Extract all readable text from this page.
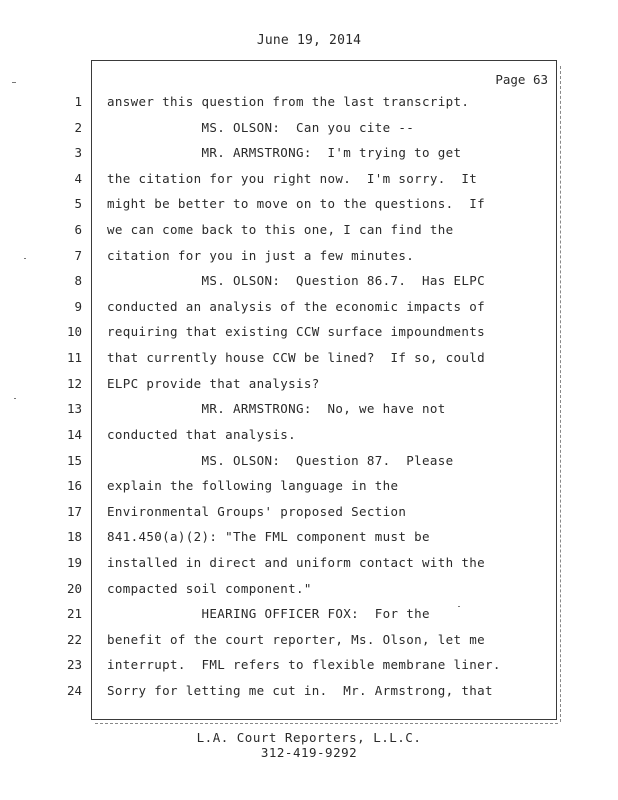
June 19, 2014
Page 63
1 answer this question from the last transcript.
2 MS. OLSON:  Can you cite --
3 MR. ARMSTRONG:  I'm trying to get
4 the citation for you right now.  I'm sorry.  It
5 might be better to move on to the questions.  If
6 we can come back to this one, I can find the
7 citation for you in just a few minutes.
8 MS. OLSON:  Question 86.7.  Has ELPC
9 conducted an analysis of the economic impacts of
10 requiring that existing CCW surface impoundments
11 that currently house CCW be lined?  If so, could
12 ELPC provide that analysis?
13 MR. ARMSTRONG:  No, we have not
14 conducted that analysis.
15 MS. OLSON:  Question 87.  Please
16 explain the following language in the
17 Environmental Groups' proposed Section
18 841.450(a)(2): "The FML component must be
19 installed in direct and uniform contact with the
20 compacted soil component."
21 HEARING OFFICER FOX:  For the
22 benefit of the court reporter, Ms. Olson, let me
23 interrupt.  FML refers to flexible membrane liner.
24 Sorry for letting me cut in.  Mr. Armstrong, that
L.A. Court Reporters, L.L.C.
312-419-9292
